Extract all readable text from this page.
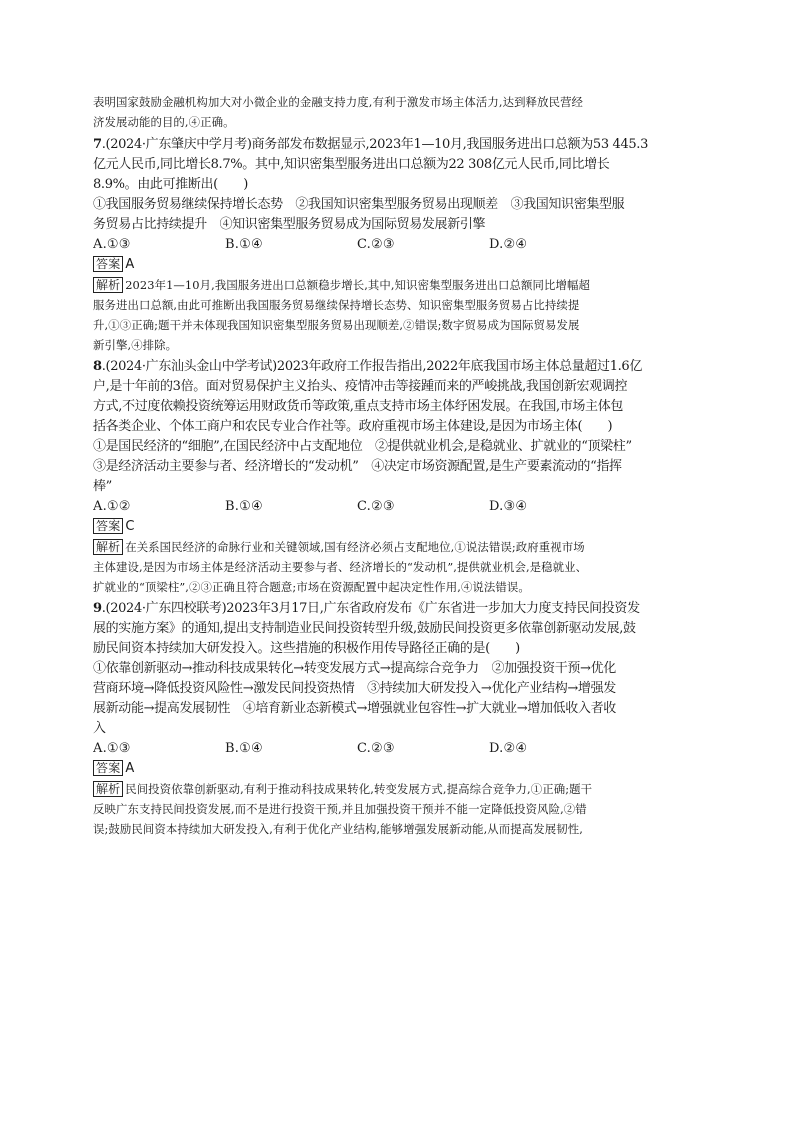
表明国家鼓励金融机构加大对小微企业的金融支持力度,有利于激发市场主体活力,达到释放民营经
济发展动能的目的,④正确。
7.(2024·广东肇庆中学月考)商务部发布数据显示,2023年1—10月,我国服务进出口总额为53 445.3
亿元人民币,同比增长8.7%。其中,知识密集型服务进出口总额为22 308亿元人民币,同比增长
8.9%。由此可推断出(　　)
①我国服务贸易继续保持增长态势　②我国知识密集型服务贸易出现顺差　③我国知识密集型服
务贸易占比持续提升　④知识密集型服务贸易成为国际贸易发展新引擎
A.①③	B.①④	C.②③	D.②④
答案 A
解析 2023年1—10月,我国服务进出口总额稳步增长,其中,知识密集型服务进出口总额同比增幅超
服务进出口总额,由此可推断出我国服务贸易继续保持增长态势、知识密集型服务贸易占比持续提
升,①③正确;题干并未体现我国知识密集型服务贸易出现顺差,②错误;数字贸易成为国际贸易发展
新引擎,④排除。
8.(2024·广东汕头金山中学考试)2023年政府工作报告指出,2022年底我国市场主体总量超过1.6亿
户,是十年前的3倍。面对贸易保护主义抬头、疫情冲击等接踵而来的严峻挑战,我国创新宏观调控
方式,不过度依赖投资统筹运用财政货币等政策,重点支持市场主体纾困发展。在我国,市场主体包
括各类企业、个体工商户和农民专业合作社等。政府重视市场主体建设,是因为市场主体(　　)
①是国民经济的“细胞”,在国民经济中占支配地位　②提供就业机会,是稳就业、扩就业的“顶梁柱”
③是经济活动主要参与者、经济增长的“发动机”　④决定市场资源配置,是生产要素流动的“指挥
棒”
A.①②	B.①④	C.②③	D.③④
答案 C
解析 在关系国民经济的命脉行业和关键领域,国有经济必须占支配地位,①说法错误;政府重视市场
主体建设,是因为市场主体是经济活动主要参与者、经济增长的“发动机”,提供就业机会,是稳就业、
扩就业的“顶梁柱”,②③正确且符合题意;市场在资源配置中起决定性作用,④说法错误。
9.(2024·广东四校联考)2023年3月17日,广东省政府发布《广东省进一步加大力度支持民间投资发
展的实施方案》的通知,提出支持制造业民间投资转型升级,鼓励民间投资更多依靠创新驱动发展,鼓
励民间资本持续加大研发投入。这些措施的积极作用传导路径正确的是(　　)
①依靠创新驱动→推动科技成果转化→转变发展方式→提高综合竞争力　②加强投资干预→优化
营商环境→降低投资风险性→激发民间投资热情　③持续加大研发投入→优化产业结构→增强发
展新动能→提高发展韧性　④培育新业态新模式→增强就业包容性→扩大就业→增加低收入者收
入
A.①③	B.①④	C.②③	D.②④
答案 A
解析 民间投资依靠创新驱动,有利于推动科技成果转化,转变发展方式,提高综合竞争力,①正确;题干
反映广东支持民间投资发展,而不是进行投资干预,并且加强投资干预并不能一定降低投资风险,②错
误;鼓励民间资本持续加大研发投入,有利于优化产业结构,能够增强发展新动能,从而提高发展韧性,
